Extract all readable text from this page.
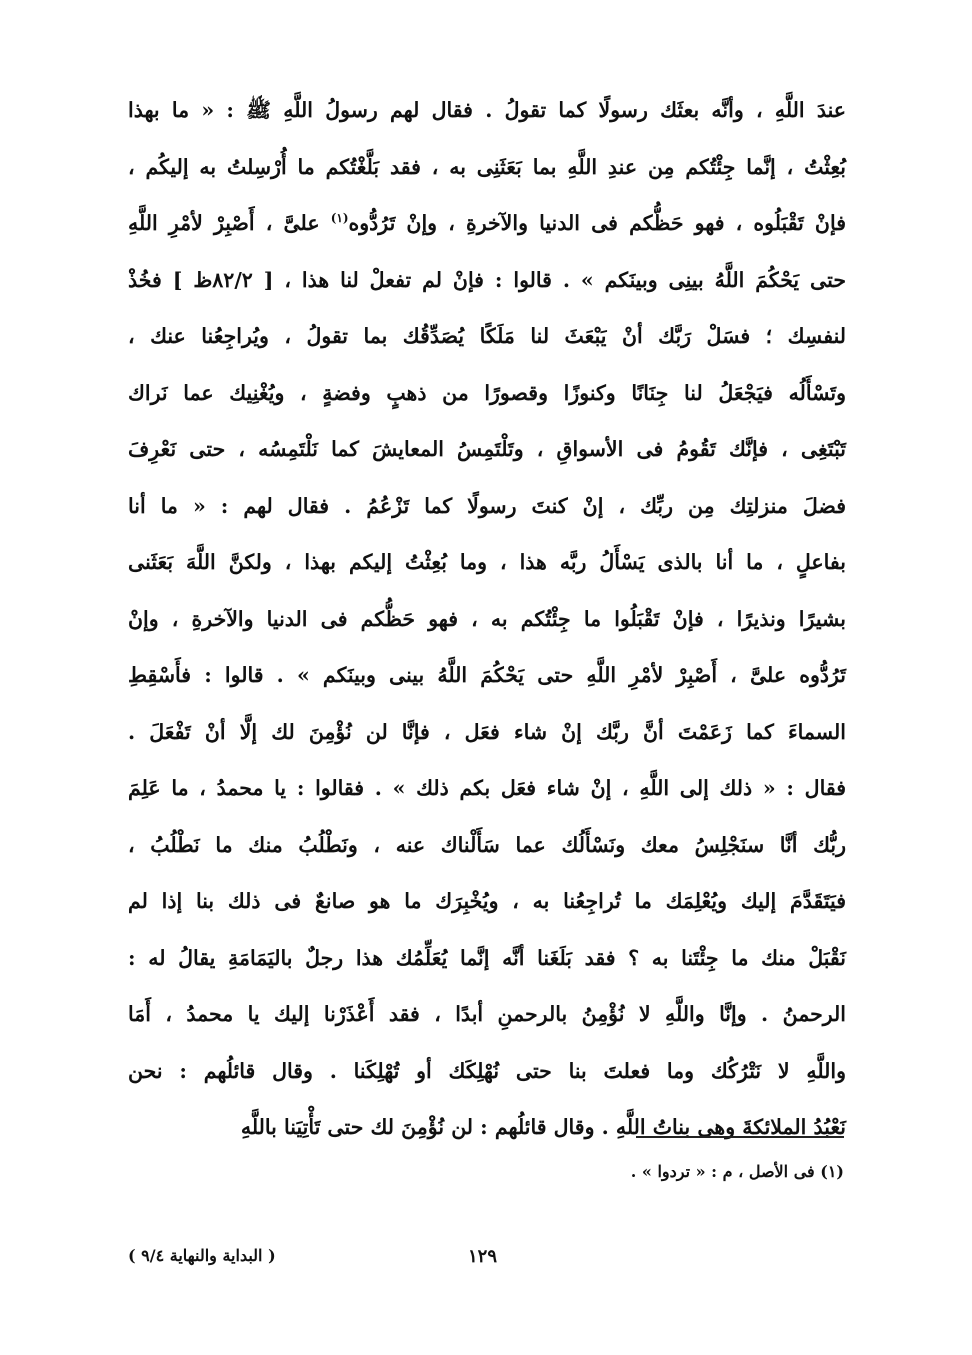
عندَ اللَّهِ ، وأنَّه بعثَك رسولًا كما تقولُ . فقال لهم رسولُ اللَّهِ ﷺ : « ما بهذا
بُعِثْتُ ، إنَّما جِئْتُكم مِن عندِ اللَّهِ بما بَعَثَنِى به ، فقد بَلَّغْتُكم ما أُرْسِلتُ به إليكُم ،
فإنْ تَقْبَلُوه ، فهو حَظُّكم فى الدنيا والآخرةِ ، وإنْ تَرُدُّوه$^{(١)}$ علىَّ ، أَصْبِرْ لأمْرِ اللَّهِ
حتى يَحْكُمَ اللَّهُ بينِى وبينَكم » . قالوا : فإنْ لم تفعلْ لنا هذا ، [ ٨٢/٢ظ ] فخُذْ
لنفسِك ؛ فسَلْ رَبَّك أنْ يَبْعَثَ لنا مَلَكًا يُصَدِّقُك بما تقولُ ، ويُراجِعُنا عنك ،
وتَسْأَلُه فيَجْعَلُ لنا جِنَانًا وكنوزًا وقصورًا من ذهبٍ وفضةٍ ، ويُغْنِيك عما نَراك
تَبْتَغِى ، فإنَّك تَقُومُ فى الأسواقِ ، وتَلْتَمِسُ المعايشَ كما نَلْتَمِسُه ، حتى نَعْرِفَ
فضلَ منزلتِك مِن ربِّك ، إنْ كنتَ رسولًا كما تَزْعُمُ . فقال لهم : « ما أنا
بفاعلٍ ، ما أنا بالذى يَسْأَلُ ربَّه هذا ، وما بُعِثْتُ إليكم بهذا ، ولكنَّ اللَّهَ بَعَثَنى
بشيرًا ونذيرًا ، فإنْ تَقْبَلُوا ما جِئْتُكم به ، فهو حَظُّكم فى الدنيا والآخرةِ ، وإنْ
تَرُدُّوه علىَّ ، أَصْبِرْ لأمْرِ اللَّهِ حتى يَحْكُمَ اللَّهُ بينى وبينَكم » . قالوا : فأَسْقِطِ
السماءَ كما زَعَمْتَ أنَّ ربَّك إنْ شاء فعَل ، فإنَّا لن نُؤْمِنَ لك إلَّا أنْ تَفْعَلَ .
فقال : « ذلك إلى اللَّهِ ، إنْ شاء فعَل بكم ذلك » . فقالوا : يا محمدُ ، ما عَلِمَ
ربُّك أنَّا سنَجْلِسُ معك ونَسْأَلُك عما سَأَلْناك عنه ، ونَطْلُبُ منك ما نَطْلُبُ ،
فيَتَقَدَّمَ إليك ويُعْلِمَك ما تُراجِعُنا به ، ويُخْبِرَك ما هو صانعٌ فى ذلك بنا إذا لم
نَقْبَلْ منك ما جِئْتَنا به ؟ فقد بَلَغَنا أنَّه إنَّما يُعَلِّمُك هذا رجلٌ باليَمَامَةِ يقالُ له :
الرحمنُ . وإنَّا واللَّهِ لا نُؤْمِنُ بالرحمنِ أبدًا ، فقد أَعْذَرْنا إليك يا محمدُ ، أَمَا
واللَّهِ لا نَتْرُكُك وما فعلتَ بنا حتى نُهْلِكَك أو تُهْلِكَنا . وقال قائلُهم : نحن
نَعْبُدُ الملائكةَ وهى بناتُ اللَّهِ . وقال قائلُهم : لن نُؤْمِنَ لك حتى تَأْتِيَنا باللَّهِ
(١) فى الأصل ، م : « تردوا » .
١٢٩
( البداية والنهاية ٩/٤ )
